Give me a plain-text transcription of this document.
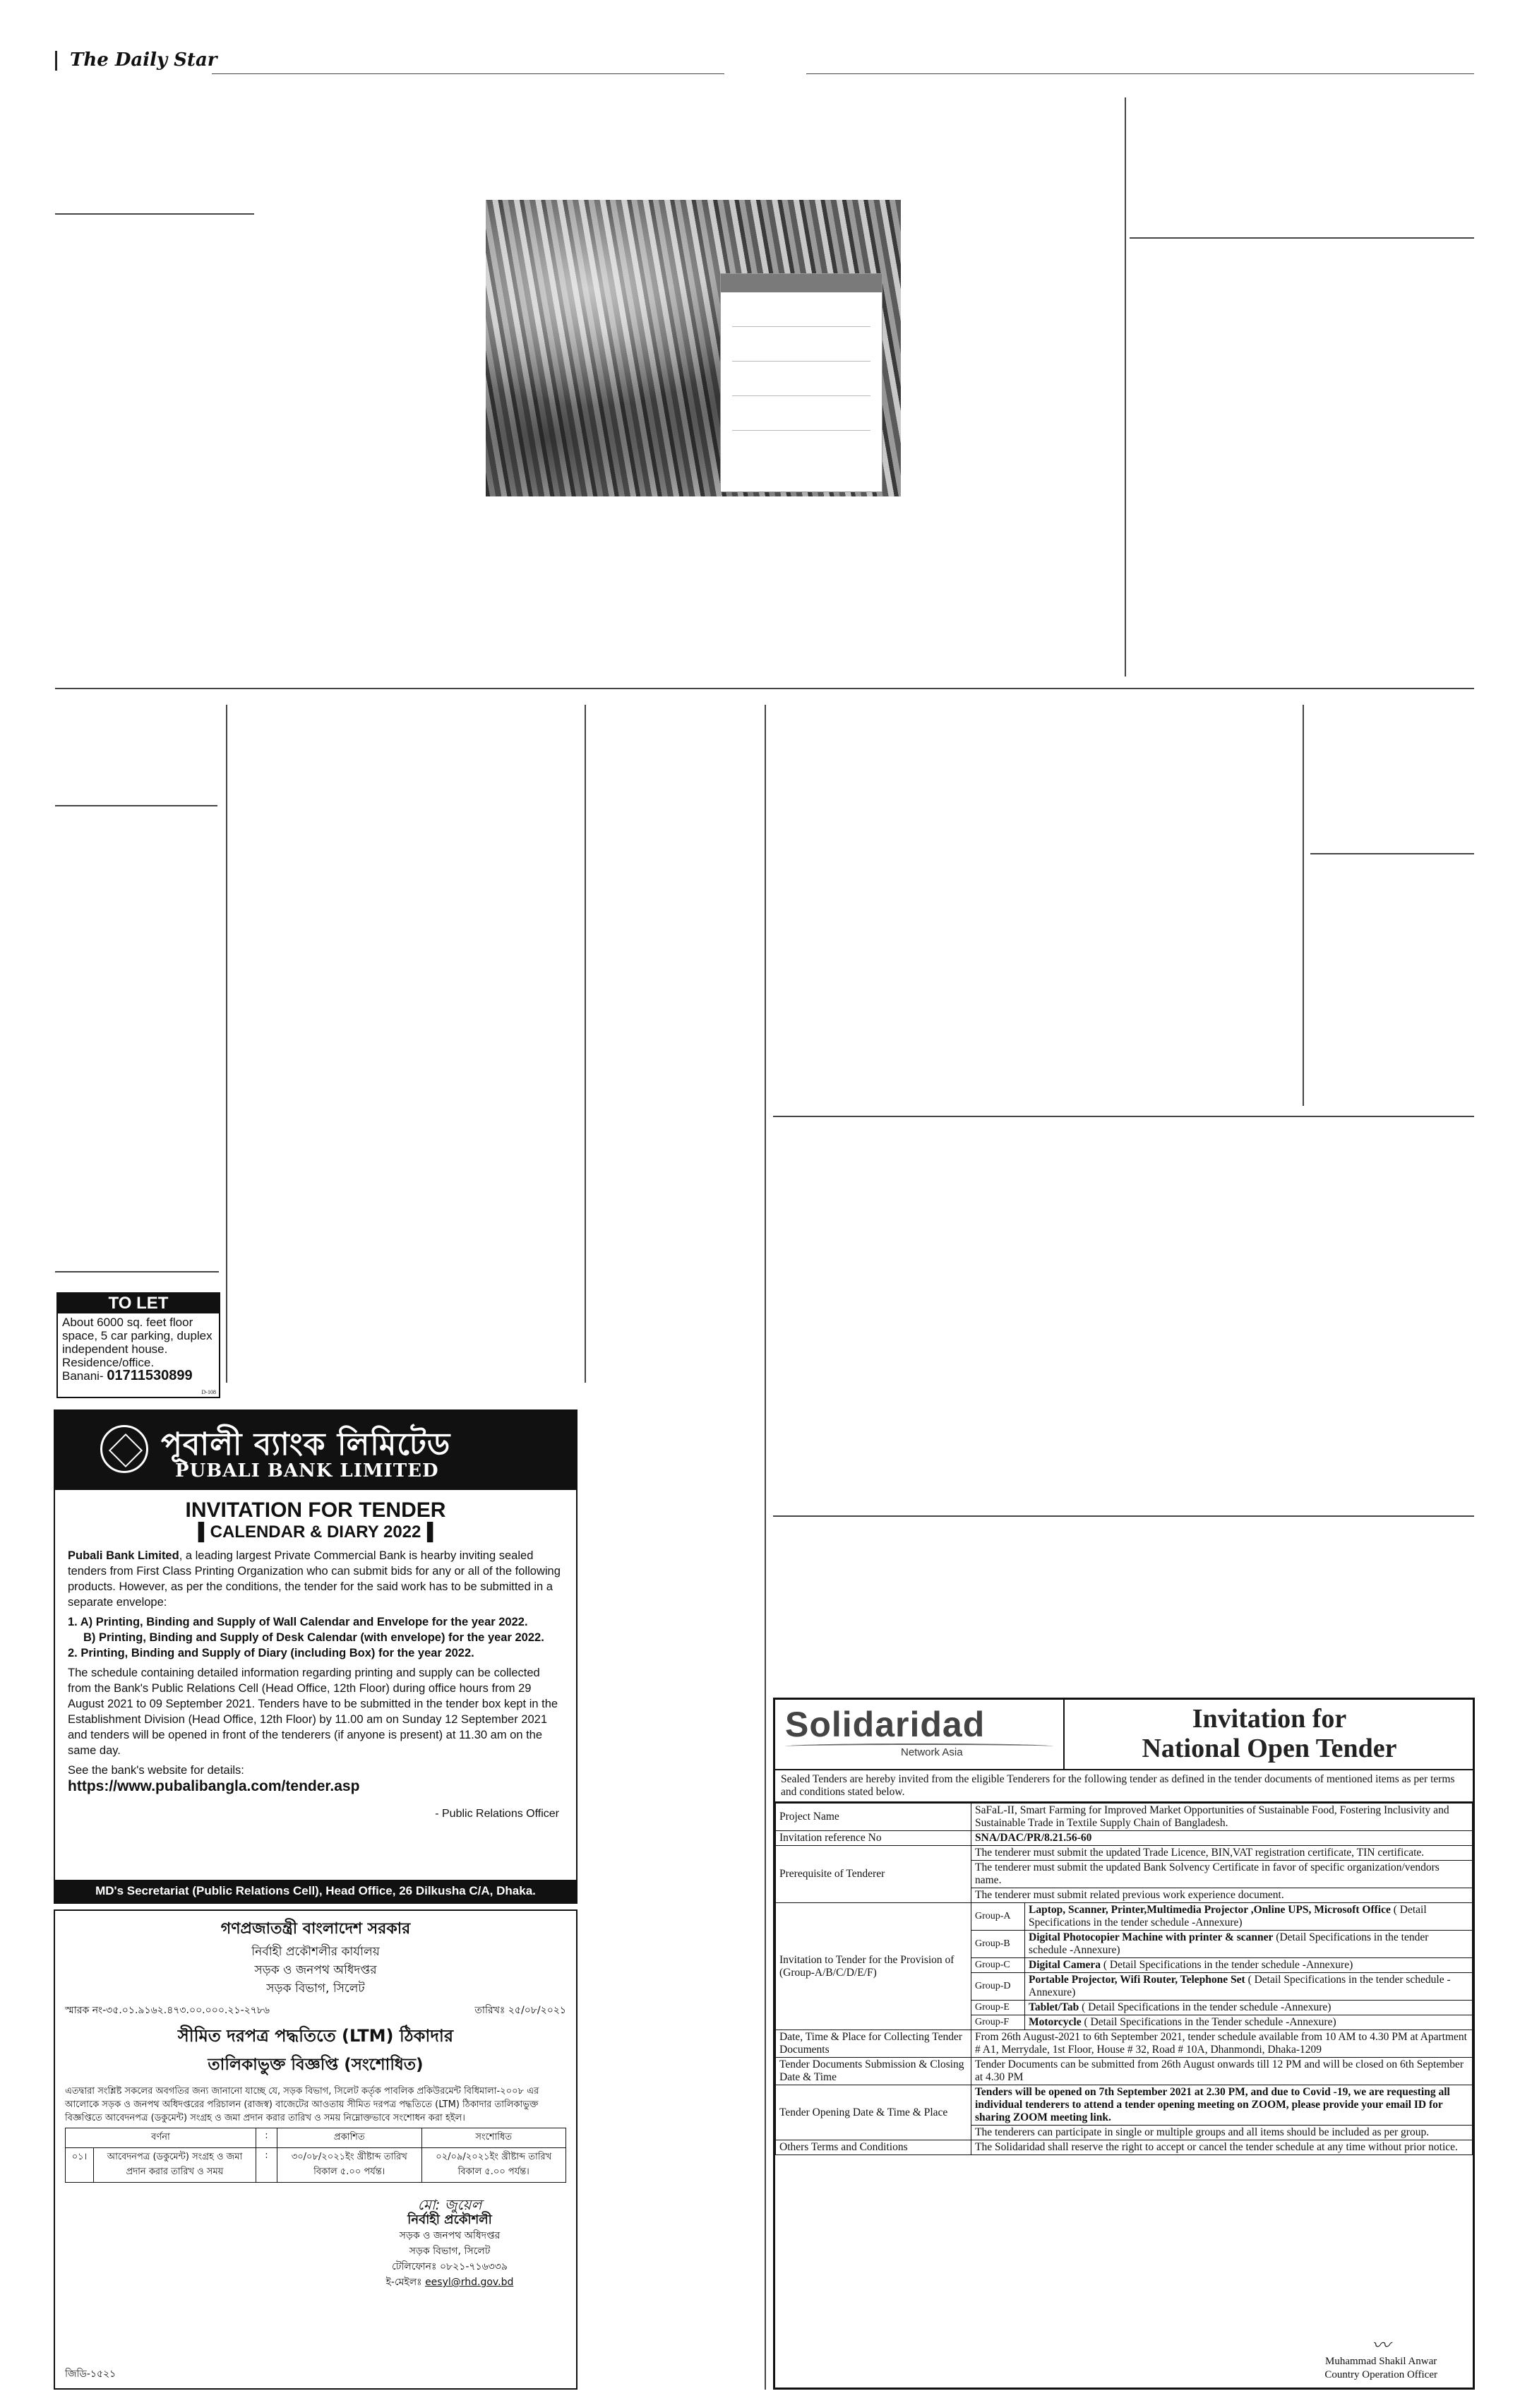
The Daily Star
TO LET
About 6000 sq. feet floor space, 5 car parking, duplex independent house. Residence/office.
Banani- 01711530899
D-108
পূবালী ব্যাংক লিমিটেড
PUBALI BANK LIMITED
INVITATION FOR TENDER
▌CALENDAR & DIARY 2022▐

Pubali Bank Limited, a leading largest Private Commercial Bank is hearby inviting sealed tenders from First Class Printing Organization who can submit bids for any or all of the following products. However, as per the conditions, the tender for the said work has to be submitted in a separate envelope:

1. A) Printing, Binding and Supply of Wall Calendar and Envelope for the year 2022.
B) Printing, Binding and Supply of Desk Calendar (with envelope) for the year 2022.

2. Printing, Binding and Supply of Diary (including Box) for the year 2022.

The schedule containing detailed information regarding printing and supply can be collected from the Bank's Public Relations Cell (Head Office, 12th Floor) during office hours from 29 August 2021 to 09 September 2021. Tenders have to be submitted in the tender box kept in the Establishment Division (Head Office, 12th Floor) by 11.00 am on Sunday 12 September 2021 and tenders will be opened in front of the tenderers (if anyone is present) at 11.30 am on the same day.

See the bank's website for details:
https://www.pubalibangla.com/tender.asp
- Public Relations Officer
MD's Secretariat (Public Relations Cell), Head Office, 26 Dilkusha C/A, Dhaka.
গণপ্রজাতন্ত্রী বাংলাদেশ সরকার
নির্বাহী প্রকৌশলীর কার্যালয়
সড়ক ও জনপথ অধিদপ্তর
সড়ক বিভাগ, সিলেট
স্মারক নং-৩৫.০১.৯১৬২.৪৭৩.০০.০০০.২১-২৭৮৬	তারিখঃ ২৫/০৮/২০২১
সীমিত দরপত্র পদ্ধতিতে (LTM) ঠিকাদার
তালিকাভুক্ত বিজ্ঞপ্তি (সংশোধিত)
এতদ্বারা সংশ্লিষ্ট সকলের অবগতির জন্য জানানো যাচ্ছে যে, সড়ক বিভাগ, সিলেট কর্তৃক পাবলিক প্রকিউরমেন্ট বিধিমালা-২০০৮ এর আলোকে সড়ক ও জনপথ অধিদপ্তরের পরিচালন (রাজস্ব) বাজেটের আওতায় সীমিত দরপত্র পদ্ধতিতে (LTM) ঠিকাদার তালিকাভুক্ত বিজ্ঞপ্তিতে আবেদনপত্র (ডকুমেন্ট) সংগ্রহ ও জমা প্রদান করার তারিখ ও সময় নিম্নোক্তভাবে সংশোধন করা হইল।
বর্ণনা		:	প্রকাশিত	সংশোধিত
০১।	আবেদনপত্র (ডকুমেন্ট) সংগ্রহ ও জমা প্রদান করার তারিখ ও সময়	:	৩০/০৮/২০২১ইং খ্রীষ্টাব্দ তারিখ বিকাল ৫.০০ পর্যন্ত।	০২/০৯/২০২১ইং খ্রীষ্টাব্দ তারিখ বিকাল ৫.০০ পর্যন্ত।
মো: জুয়েল
নির্বাহী প্রকৌশলী
সড়ক ও জনপথ অধিদপ্তর
সড়ক বিভাগ, সিলেট
টেলিফোনঃ ০৮২১-৭১৬৩৩৯
ই-মেইলঃ eesyl@rhd.gov.bd
জিডি-১৫২১
Solidaridad
Network Asia
Invitation for
National Open Tender
Sealed Tenders are hereby invited from the eligible Tenderers for the following tender as defined in the tender documents of mentioned items as per terms and conditions stated below.
Project Name	SaFaL-II, Smart Farming for Improved Market Opportunities of Sustainable Food, Fostering Inclusivity and Sustainable Trade in Textile Supply Chain of Bangladesh.	
Invitation reference No	SNA/DAC/PR/8.21.56-60	
Prerequisite of Tenderer	The tenderer must submit the updated Trade Licence, BIN,VAT registration certificate, TIN certificate.	
	The tenderer must submit the updated Bank Solvency Certificate in favor of specific organization/vendors name.	
	The tenderer must submit related previous work experience document.	
Invitation to Tender for the Provision of (Group-A/B/C/D/E/F)	Group-A	Laptop, Scanner, Printer,Multimedia Projector ,Online UPS, Microsoft Office ( Detail Specifications in the tender schedule -Annexure)
	Group-B	Digital Photocopier Machine with printer & scanner (Detail Specifications in the tender schedule -Annexure)
	Group-C	Digital Camera ( Detail Specifications in the tender schedule -Annexure)
	Group-D	Portable Projector, Wifi Router, Telephone Set ( Detail Specifications in the tender schedule -Annexure)
	Group-E	Tablet/Tab ( Detail Specifications in the tender schedule -Annexure)
	Group-F	Motorcycle ( Detail Specifications in the Tender schedule -Annexure)
Date, Time & Place for Collecting Tender Documents	From 26th August-2021 to 6th September 2021, tender schedule available from 10 AM to 4.30 PM at Apartment # A1, Merrydale, 1st Floor, House # 32, Road # 10A, Dhanmondi, Dhaka-1209	
Tender Documents Submission & Closing Date & Time	Tender Documents can be submitted from 26th August onwards till 12 PM and will be closed on 6th September at 4.30 PM	
Tender Opening Date & Time & Place	Tenders will be opened on 7th September 2021 at 2.30 PM, and due to Covid -19, we are requesting all individual tenderers to attend a tender opening meeting on ZOOM, please provide your email ID for sharing ZOOM meeting link.	
	The tenderers can participate in single or multiple groups and all items should be included as per group.	
Others Terms and Conditions	The Solidaridad shall reserve the right to accept or cancel the tender schedule at any time without prior notice.	
〰
Muhammad Shakil Anwar
Country Operation Officer
